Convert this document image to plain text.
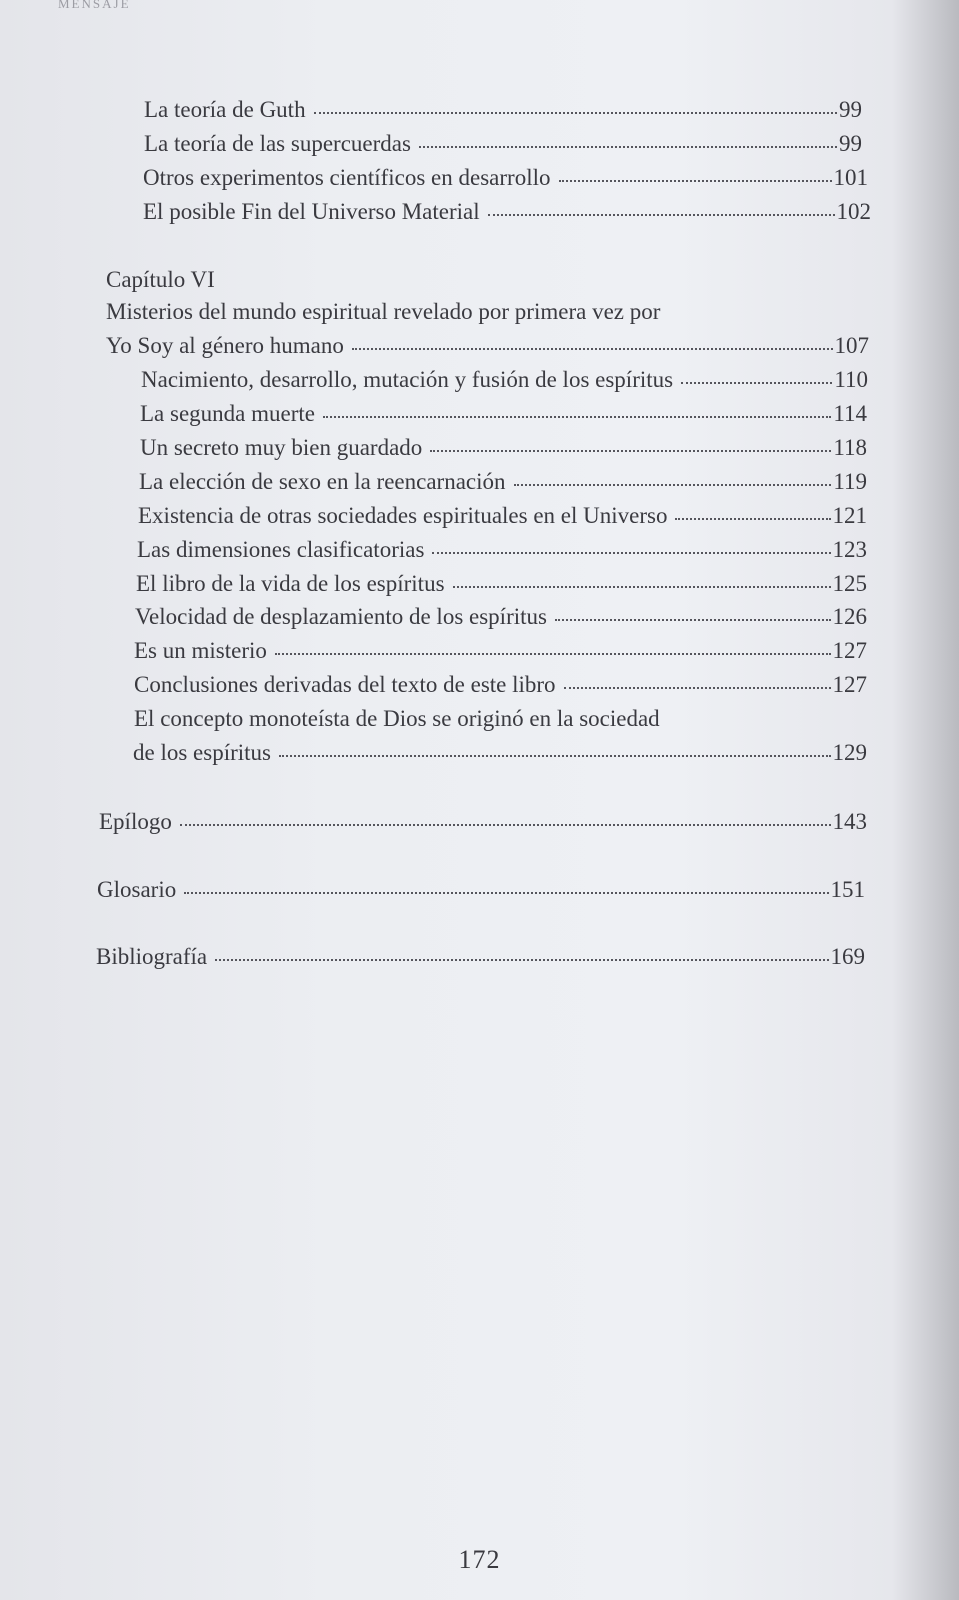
MENSAJE
La teoría de Guth	99
La teoría de las supercuerdas	99
Otros experimentos científicos en desarrollo	101
El posible Fin del Universo Material	102
Capítulo VI
Misterios del mundo espiritual revelado por primera vez por
Yo Soy al género humano	107
Nacimiento, desarrollo, mutación y fusión de los espíritus	110
La segunda muerte	114
Un secreto muy bien guardado	118
La elección de sexo en la reencarnación	119
Existencia de otras sociedades espirituales en el Universo	121
Las dimensiones clasificatorias	123
El libro de la vida de los espíritus	125
Velocidad de desplazamiento de los espíritus	126
Es un misterio	127
Conclusiones derivadas del texto de este libro	127
El concepto monoteísta de Dios se originó en la sociedad
de los espíritus	129
Epílogo	143
Glosario	151
Bibliografía	169
172
